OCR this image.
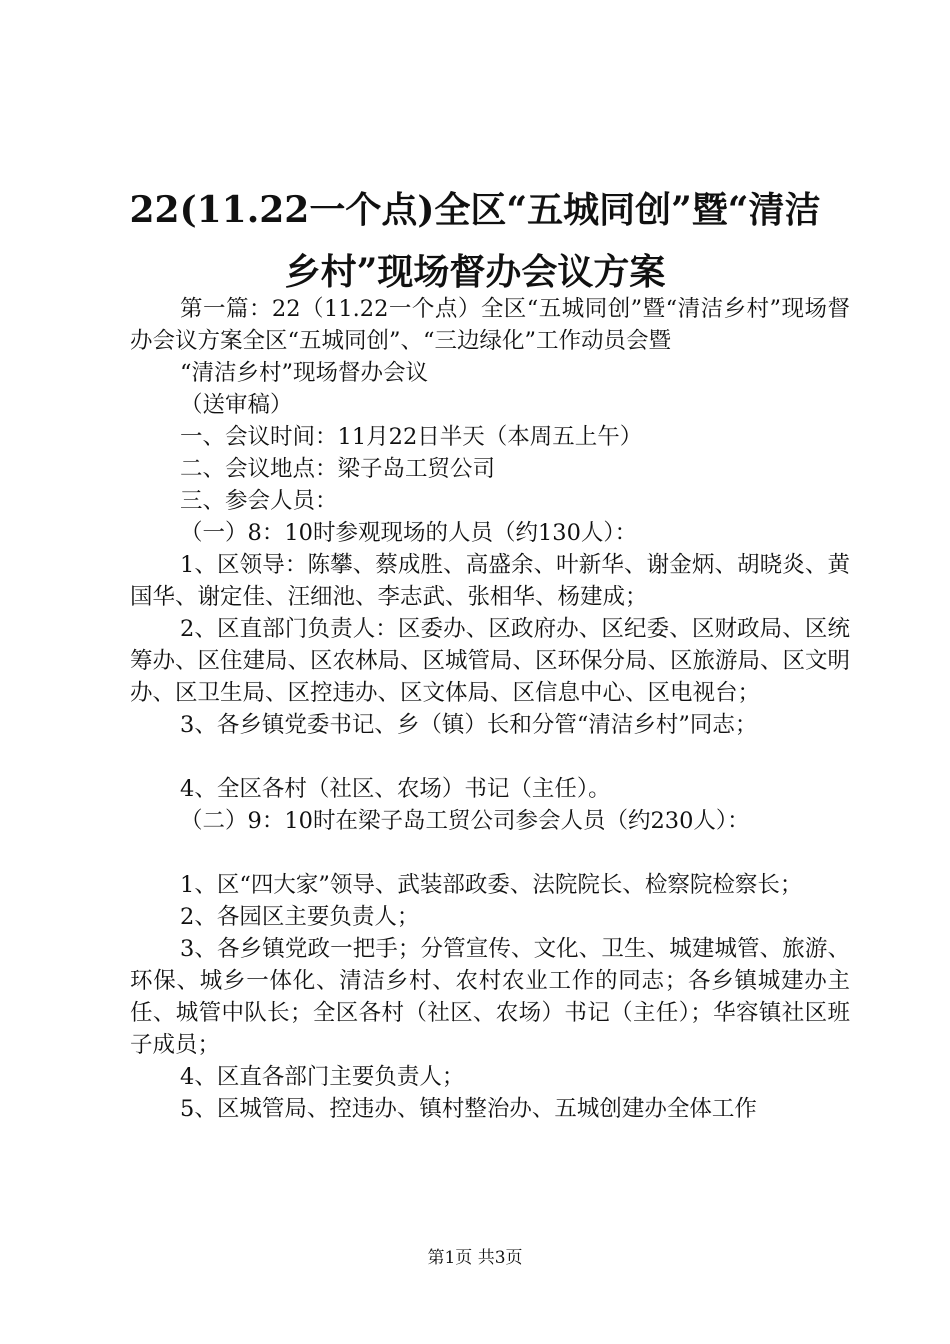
22(11.22一个点)全区“五城同创”暨“清洁
乡村”现场督办会议方案

第一篇：22（11.22一个点）全区“五城同创”暨“清洁乡村”现场督办会议方案全区“五城同创”、“三边绿化”工作动员会暨

“清洁乡村”现场督办会议

（送审稿）

一、会议时间：11月22日半天（本周五上午）

二、会议地点：梁子岛工贸公司

三、参会人员：

（一）8：10时参观现场的人员（约130人）：

1、区领导：陈攀、蔡成胜、高盛余、叶新华、谢金炳、胡晓炎、黄国华、谢定佳、汪细池、李志武、张相华、杨建成；

2、区直部门负责人：区委办、区政府办、区纪委、区财政局、区统筹办、区住建局、区农林局、区城管局、区环保分局、区旅游局、区文明办、区卫生局、区控违办、区文体局、区信息中心、区电视台；

3、各乡镇党委书记、乡（镇）长和分管“清洁乡村”同志；

4、全区各村（社区、农场）书记（主任）。

（二）9：10时在梁子岛工贸公司参会人员（约230人）：

1、区“四大家”领导、武装部政委、法院院长、检察院检察长；

2、各园区主要负责人；

3、各乡镇党政一把手；分管宣传、文化、卫生、城建城管、旅游、环保、城乡一体化、清洁乡村、农村农业工作的同志；各乡镇城建办主任、城管中队长；全区各村（社区、农场）书记（主任）；华容镇社区班子成员；

4、区直各部门主要负责人；

5、区城管局、控违办、镇村整治办、五城创建办全体工作

第1页 共3页
